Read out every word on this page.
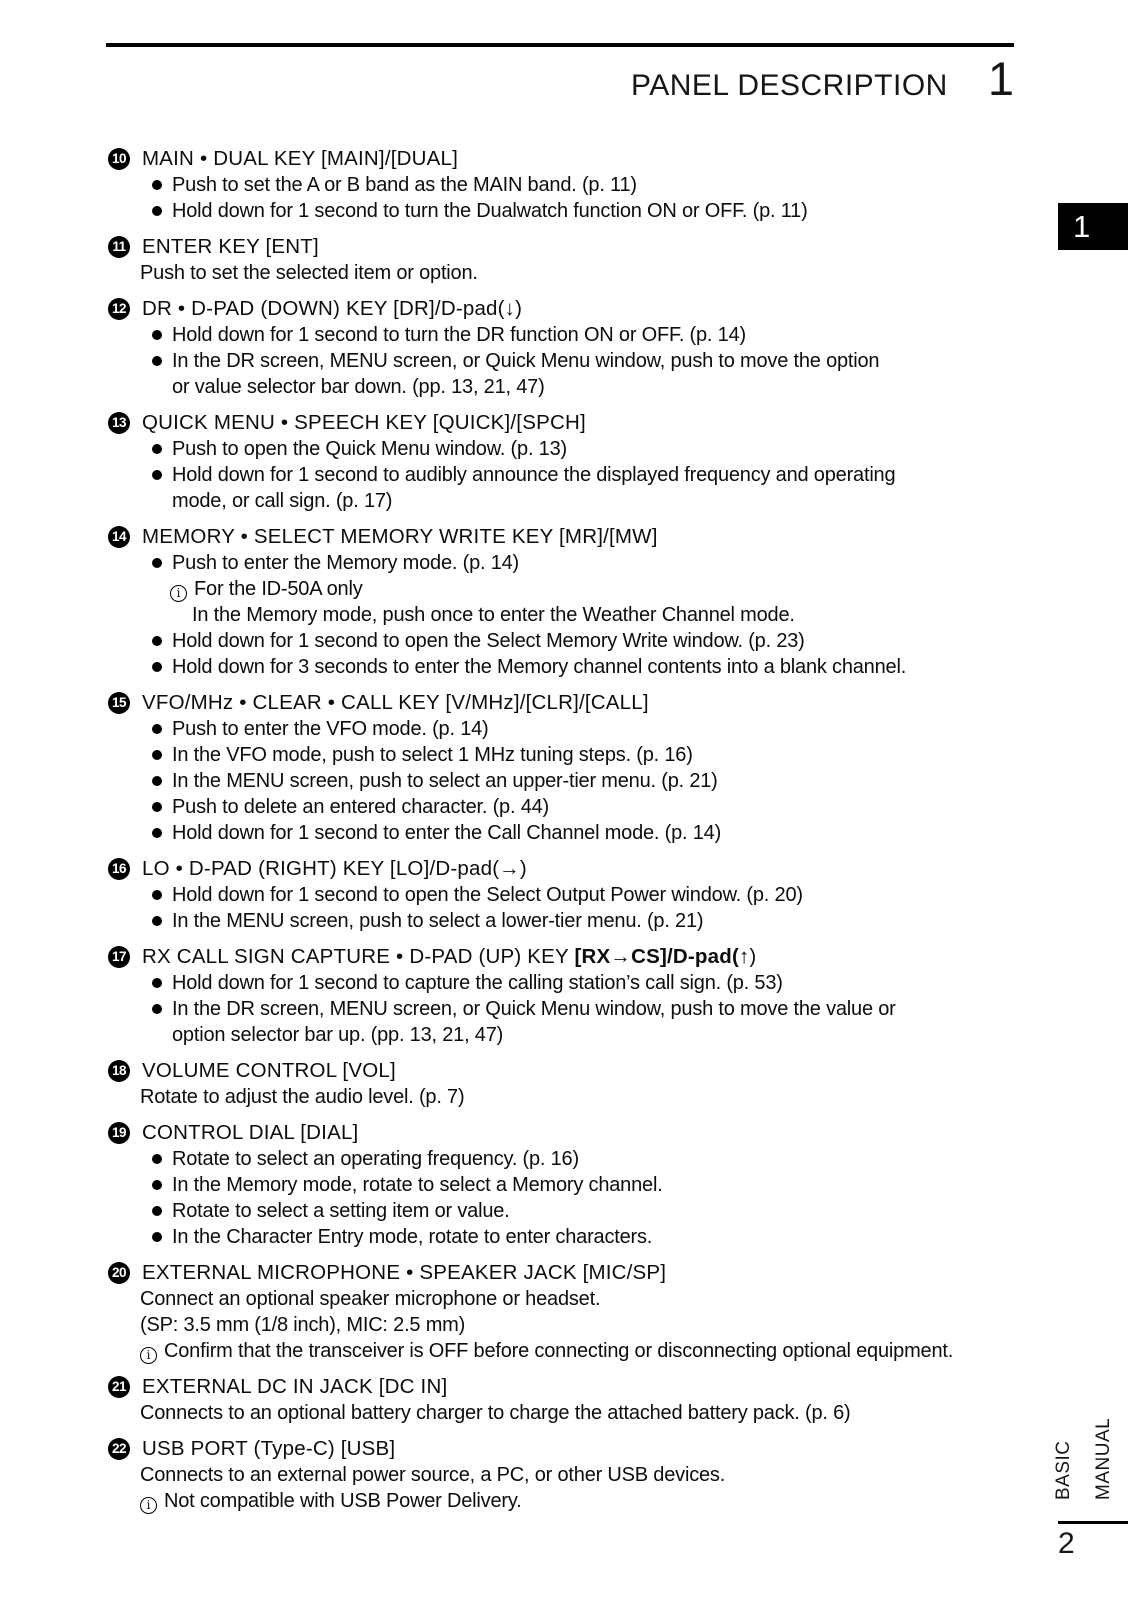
PANEL DESCRIPTION 1
1
10 MAIN • DUAL KEY [MAIN]/[DUAL]
Push to set the A or B band as the MAIN band. (p. 11)
Hold down for 1 second to turn the Dualwatch function ON or OFF. (p. 11)
11 ENTER KEY [ENT]
Push to set the selected item or option.
12 DR • D-PAD (DOWN) KEY [DR]/D-pad(↓)
Hold down for 1 second to turn the DR function ON or OFF. (p. 14)
In the DR screen, MENU screen, or Quick Menu window, push to move the option
or value selector bar down. (pp. 13, 21, 47)
13 QUICK MENU • SPEECH KEY [QUICK]/[SPCH]
Push to open the Quick Menu window. (p. 13)
Hold down for 1 second to audibly announce the displayed frequency and operating
mode, or call sign. (p. 17)
14 MEMORY • SELECT MEMORY WRITE KEY [MR]/[MW]
Push to enter the Memory mode. (p. 14)
i For the ID-50A only
In the Memory mode, push once to enter the Weather Channel mode.
Hold down for 1 second to open the Select Memory Write window. (p. 23)
Hold down for 3 seconds to enter the Memory channel contents into a blank channel.
15 VFO/MHz • CLEAR • CALL KEY [V/MHz]/[CLR]/[CALL]
Push to enter the VFO mode. (p. 14)
In the VFO mode, push to select 1 MHz tuning steps. (p. 16)
In the MENU screen, push to select an upper-tier menu. (p. 21)
Push to delete an entered character. (p. 44)
Hold down for 1 second to enter the Call Channel mode. (p. 14)
16 LO • D-PAD (RIGHT) KEY [LO]/D-pad(→)
Hold down for 1 second to open the Select Output Power window. (p. 20)
In the MENU screen, push to select a lower-tier menu. (p. 21)
17 RX CALL SIGN CAPTURE • D-PAD (UP) KEY [RX→CS]/D-pad(↑)
Hold down for 1 second to capture the calling station’s call sign. (p. 53)
In the DR screen, MENU screen, or Quick Menu window, push to move the value or
option selector bar up. (pp. 13, 21, 47)
18 VOLUME CONTROL [VOL]
Rotate to adjust the audio level. (p. 7)
19 CONTROL DIAL [DIAL]
Rotate to select an operating frequency. (p. 16)
In the Memory mode, rotate to select a Memory channel.
Rotate to select a setting item or value.
In the Character Entry mode, rotate to enter characters.
20 EXTERNAL MICROPHONE • SPEAKER JACK [MIC/SP]
Connect an optional speaker microphone or headset.
(SP: 3.5 mm (1/8 inch), MIC: 2.5 mm)
i Confirm that the transceiver is OFF before connecting or disconnecting optional equipment.
21 EXTERNAL DC IN JACK [DC IN]
Connects to an optional battery charger to charge the attached battery pack. (p. 6)
22 USB PORT (Type-C) [USB]
Connects to an external power source, a PC, or other USB devices.
i Not compatible with USB Power Delivery.
BASIC MANUAL
2
